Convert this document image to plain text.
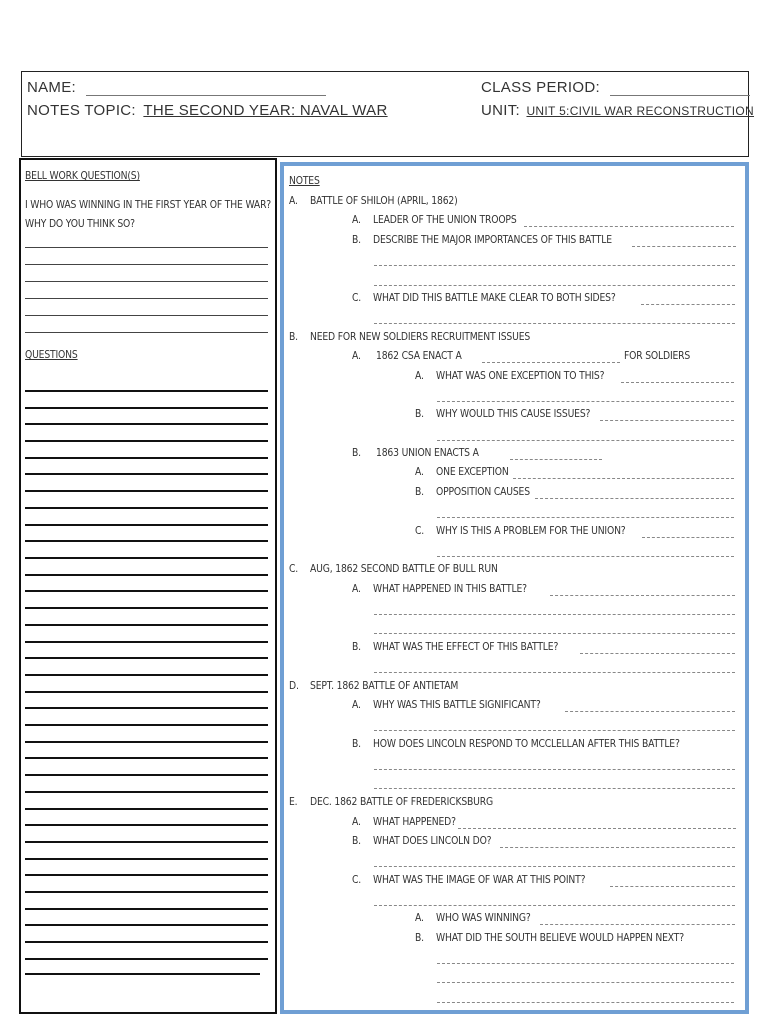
NAME:
NOTES TOPIC: THE SECOND YEAR: NAVAL WAR
CLASS PERIOD:
UNIT: UNIT 5:CIVIL WAR RECONSTRUCTION
BELL WORK QUESTION(S)
I WHO WAS WINNING IN THE FIRST YEAR OF THE WAR?
WHY DO YOU THINK SO?
QUESTIONS
NOTES
A. BATTLE OF SHILOH (APRIL, 1862)
A. LEADER OF THE UNION TROOPS
B. DESCRIBE THE MAJOR IMPORTANCES OF THIS BATTLE
C. WHAT DID THIS BATTLE MAKE CLEAR TO BOTH SIDES?
B. NEED FOR NEW SOLDIERS RECRUITMENT ISSUES
A. 1862 CSA ENACT A	FOR SOLDIERS
A. WHAT WAS ONE EXCEPTION TO THIS?
B. WHY WOULD THIS CAUSE ISSUES?
B. 1863 UNION ENACTS A
A. ONE EXCEPTION
B. OPPOSITION CAUSES
C. WHY IS THIS A PROBLEM FOR THE UNION?
C. AUG, 1862 SECOND BATTLE OF BULL RUN
A. WHAT HAPPENED IN THIS BATTLE?
B. WHAT WAS THE EFFECT OF THIS BATTLE?
D. SEPT. 1862 BATTLE OF ANTIETAM
A. WHY WAS THIS BATTLE SIGNIFICANT?
B. HOW DOES LINCOLN RESPOND TO MCCLELLAN AFTER THIS BATTLE?
E. DEC. 1862 BATTLE OF FREDERICKSBURG
A. WHAT HAPPENED?
B. WHAT DOES LINCOLN DO?
C. WHAT WAS THE IMAGE OF WAR AT THIS POINT?
A. WHO WAS WINNING?
B. WHAT DID THE SOUTH BELIEVE WOULD HAPPEN NEXT?
